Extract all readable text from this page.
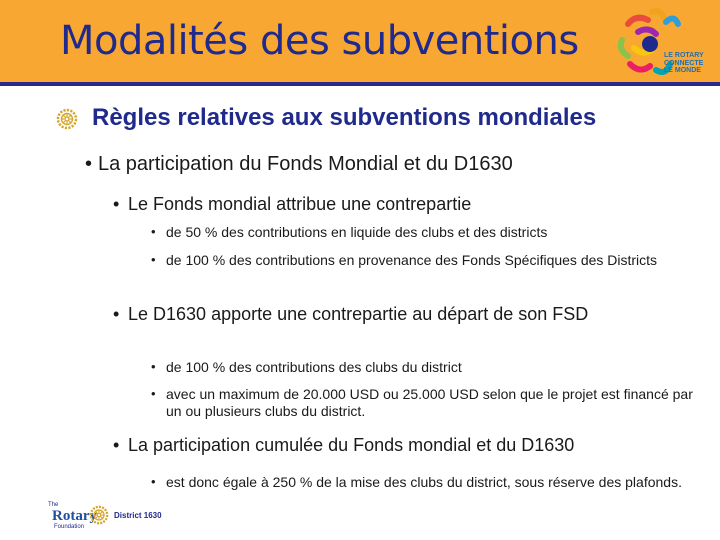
Modalités des subventions	LE ROTARY
CONNECTE
LE MONDE
Règles relatives aux subventions mondiales
• La participation du Fonds Mondial et du D1630
• Le Fonds mondial attribue une contrepartie
• de 50 % des contributions en liquide des clubs et des districts
• de 100 % des contributions en provenance des Fonds Spécifiques des Districts
• Le D1630 apporte une contrepartie au départ de son FSD
• de 100 % des contributions des clubs du district
• avec un maximum de 20.000 USD ou 25.000 USD selon que le projet est financé par un ou plusieurs clubs du district.
• La participation cumulée du Fonds mondial et du D1630
• est donc égale à 250 % de la mise des clubs du district, sous réserve des plafonds.
The
Rotary
Foundation
District 1630
